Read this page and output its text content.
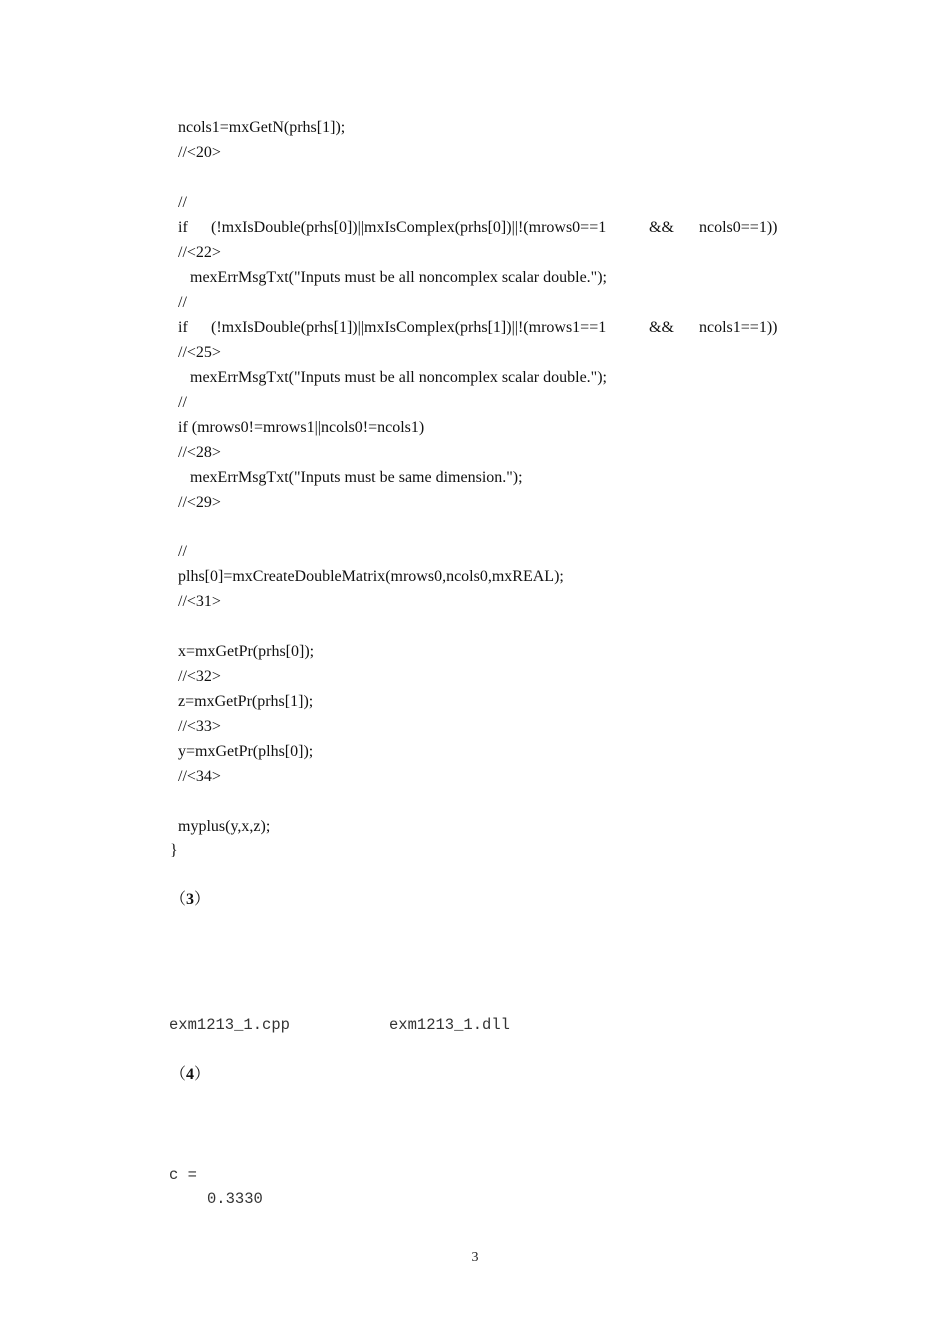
ncols1=mxGetN(prhs[1]);
//<20>
//

if

(!mxIsDouble(prhs[0])||mxIsComplex(prhs[0])||!(mrows0==1

	&&

ncols0==1))

//<22>
mexErrMsgTxt("Inputs must be all noncomplex scalar double.");
//

if

(!mxIsDouble(prhs[1])||mxIsComplex(prhs[1])||!(mrows1==1

	&&

ncols1==1))

//<25>
mexErrMsgTxt("Inputs must be all noncomplex scalar double.");
//
if (mrows0!=mrows1||ncols0!=ncols1)
//<28>
mexErrMsgTxt("Inputs must be same dimension.");
//<29>
//
plhs[0]=mxCreateDoubleMatrix(mrows0,ncols0,mxREAL);
//<31>
x=mxGetPr(prhs[0]);
//<32>
z=mxGetPr(prhs[1]);
//<33>
y=mxGetPr(plhs[0]);
//<34>
myplus(y,x,z);
}
（3）
exm1213_1.cpp	exm1213_1.dll
（4）
c =
0.3330
3
